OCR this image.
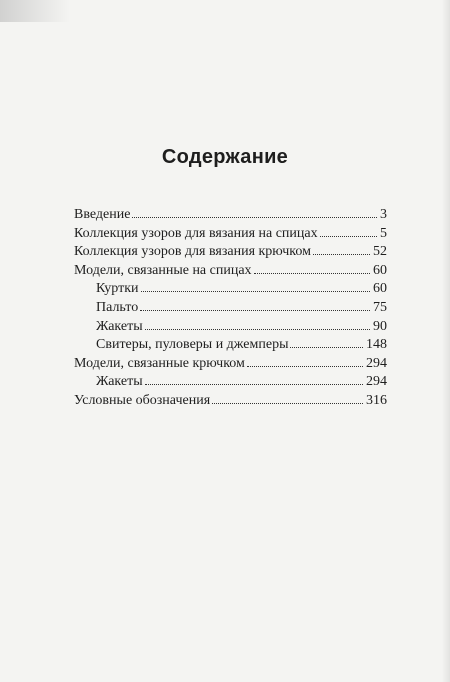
Содержание
Введение	3
Коллекция узоров для вязания на спицах	5
Коллекция узоров для вязания крючком	52
Модели, связанные на спицах	60
Куртки	60
Пальто	75
Жакеты	90
Свитеры, пуловеры и джемперы	148
Модели, связанные крючком	294
Жакеты	294
Условные обозначения	316
